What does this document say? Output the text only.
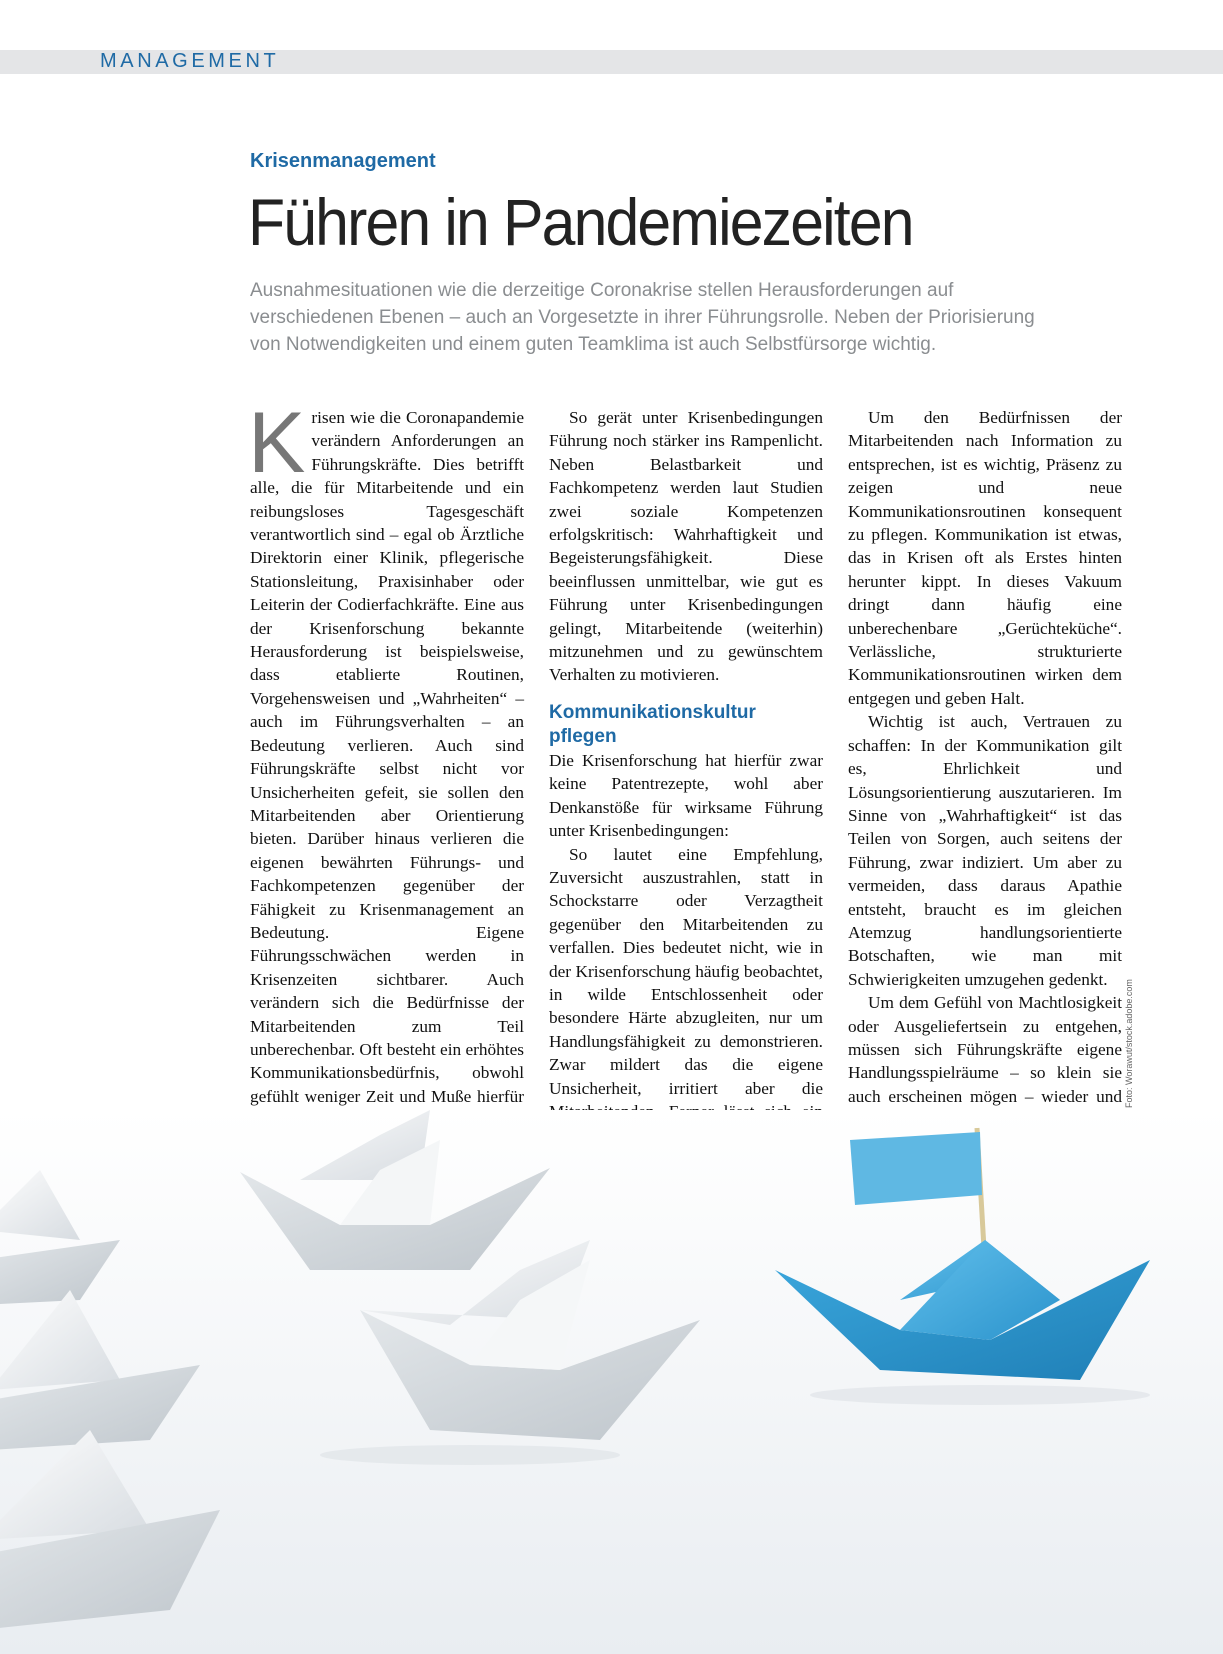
MANAGEMENT
Krisenmanagement
Führen in Pandemiezeiten
Ausnahmesituationen wie die derzeitige Coronakrise stellen Herausforderungen auf
verschiedenen Ebenen – auch an Vorgesetzte in ihrer Führungsrolle. Neben der Priorisierung
von Notwendigkeiten und einem guten Teamklima ist auch Selbstfürsorge wichtig.

Krisen wie die Coronapandemie verändern Anforderungen an Führungskräfte. Dies betrifft alle, die für Mitarbeitende und ein reibungsloses Tagesgeschäft verantwortlich sind – egal ob Ärztliche Direktorin einer Klinik, pflegerische Stationsleitung, Praxisinhaber oder Leiterin der Codierfachkräfte. Eine aus der Krisenforschung bekannte Herausforderung ist beispielsweise, dass etablierte Routinen, Vorgehensweisen und „Wahrheiten“ – auch im Führungsverhalten – an Bedeutung verlieren. Auch sind Führungskräfte selbst nicht vor Unsicherheiten gefeit, sie sollen den Mitarbeitenden aber Orientierung bieten. Darüber hinaus verlieren die eigenen bewährten Führungs- und Fachkompetenzen gegenüber der Fähigkeit zu Krisenmanagement an Bedeutung. Eigene Führungsschwächen werden in Krisenzeiten sichtbarer. Auch verändern sich die Bedürfnisse der Mitarbeitenden zum Teil unberechenbar. Oft besteht ein erhöhtes Kommunikationsbedürfnis, obwohl gefühlt weniger Zeit und Muße hierfür

So gerät unter Krisenbedingungen Führung noch stärker ins Rampenlicht. Neben Belastbarkeit und Fachkompetenz werden laut Studien zwei soziale Kompetenzen erfolgskritisch: Wahrhaftigkeit und Begeisterungsfähigkeit. Diese beeinflussen unmittelbar, wie gut es Führung unter Krisenbedingungen gelingt, Mitarbeitende (weiterhin) mitzunehmen und zu gewünschtem Verhalten zu motivieren.

Kommunikationskultur pflegen

Die Krisenforschung hat hierfür zwar keine Patentrezepte, wohl aber Denkanstöße für wirksame Führung unter Krisenbedingungen:

So lautet eine Empfehlung, Zuversicht auszustrahlen, statt in Schockstarre oder Verzagtheit gegenüber den Mitarbeitenden zu verfallen. Dies bedeutet nicht, wie in der Krisenforschung häufig beobachtet, in wilde Entschlossenheit oder besondere Härte abzugleiten, nur um Handlungsfähigkeit zu demonstrieren. Zwar mildert das die eigene Unsicherheit, irritiert aber die

Um den Bedürfnissen der Mitarbeitenden nach Information zu entsprechen, ist es wichtig, Präsenz zu zeigen und neue Kommunikationsroutinen konsequent zu pflegen. Kommunikation ist etwas, das in Krisen oft als Erstes hinten herunter kippt. In dieses Vakuum dringt dann häufig eine unberechenbare „Gerüchteküche“. Verlässliche, strukturierte Kommunikationsroutinen wirken dem entgegen und geben Halt.

Wichtig ist auch, Vertrauen zu schaffen: In der Kommunikation gilt es, Ehrlichkeit und Lösungsorientierung auszutarieren. Im Sinne von „Wahrhaftigkeit“ ist das Teilen von Sorgen, auch seitens der Führung, zwar indiziert. Um aber zu vermeiden, dass daraus Apathie entsteht, braucht es im gleichen Atemzug handlungsorientierte Botschaften, wie man mit Schwierigkeiten umzugehen gedenkt.

Um dem Gefühl von Machtlosigkeit oder Ausgeliefertsein zu entgehen, müssen sich Führungskräfte eigene Handlungsspielräume – so klein sie auch erscheinen mögen – wieder und Foto: Worawut/stock.adobe.com
